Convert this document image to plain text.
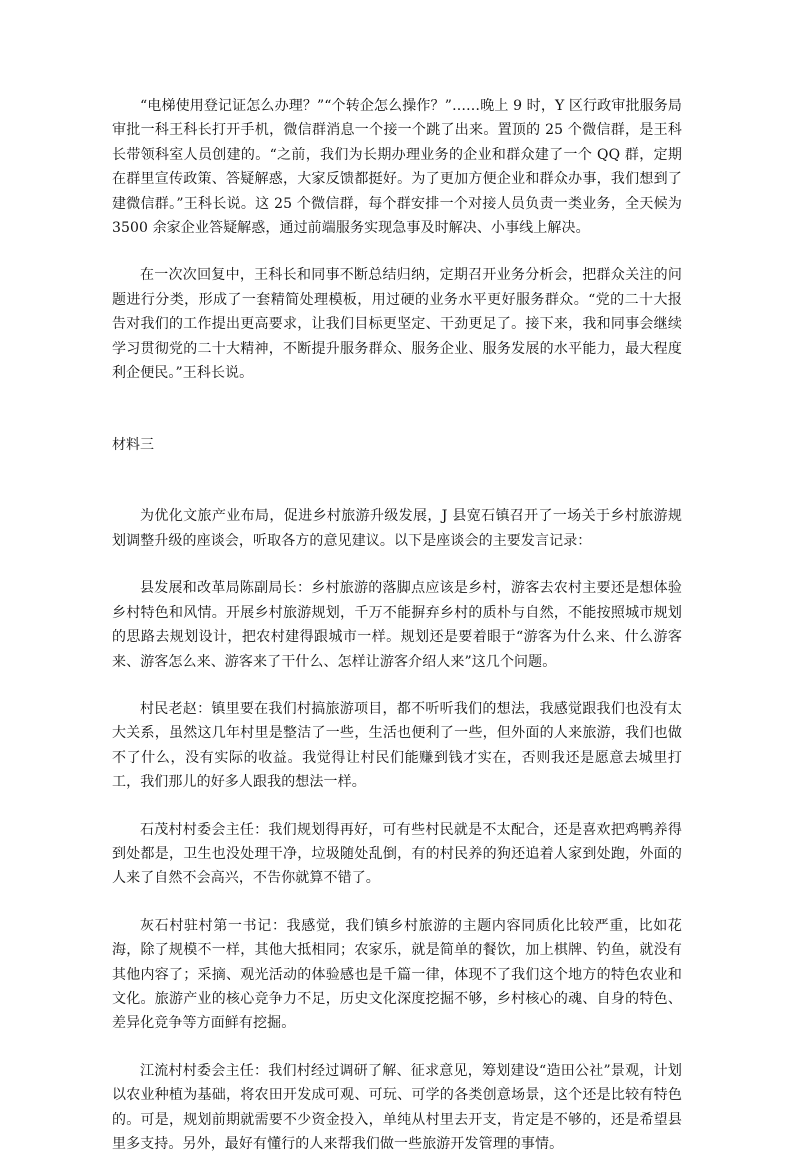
“电梯使用登记证怎么办理？”“个转企怎么操作？”……晚上 9 时，Y 区行政审批服务局审批一科王科长打开手机，微信群消息一个接一个跳了出来。置顶的 25 个微信群，是王科长带领科室人员创建的。“之前，我们为长期办理业务的企业和群众建了一个 QQ 群，定期在群里宣传政策、答疑解惑，大家反馈都挺好。为了更加方便企业和群众办事，我们想到了建微信群。”王科长说。这 25 个微信群，每个群安排一个对接人员负责一类业务，全天候为 3500 余家企业答疑解惑，通过前端服务实现急事及时解决、小事线上解决。

在一次次回复中，王科长和同事不断总结归纳，定期召开业务分析会，把群众关注的问题进行分类，形成了一套精简处理模板，用过硬的业务水平更好服务群众。“党的二十大报告对我们的工作提出更高要求，让我们目标更坚定、干劲更足了。接下来，我和同事会继续学习贯彻党的二十大精神，不断提升服务群众、服务企业、服务发展的水平能力，最大程度利企便民。”王科长说。

材料三

为优化文旅产业布局，促进乡村旅游升级发展，J 县宽石镇召开了一场关于乡村旅游规划调整升级的座谈会，听取各方的意见建议。以下是座谈会的主要发言记录：

县发展和改革局陈副局长：乡村旅游的落脚点应该是乡村，游客去农村主要还是想体验乡村特色和风情。开展乡村旅游规划，千万不能摒弃乡村的质朴与自然，不能按照城市规划的思路去规划设计，把农村建得跟城市一样。规划还是要着眼于“游客为什么来、什么游客来、游客怎么来、游客来了干什么、怎样让游客介绍人来”这几个问题。

村民老赵：镇里要在我们村搞旅游项目，都不听听我们的想法，我感觉跟我们也没有太大关系，虽然这几年村里是整洁了一些，生活也便利了一些，但外面的人来旅游，我们也做不了什么，没有实际的收益。我觉得让村民们能赚到钱才实在，否则我还是愿意去城里打工，我们那儿的好多人跟我的想法一样。

石茂村村委会主任：我们规划得再好，可有些村民就是不太配合，还是喜欢把鸡鸭养得到处都是，卫生也没处理干净，垃圾随处乱倒，有的村民养的狗还追着人家到处跑，外面的人来了自然不会高兴，不告你就算不错了。

灰石村驻村第一书记：我感觉，我们镇乡村旅游的主题内容同质化比较严重，比如花海，除了规模不一样，其他大抵相同；农家乐，就是简单的餐饮，加上棋牌、钓鱼，就没有其他内容了；采摘、观光活动的体验感也是千篇一律，体现不了我们这个地方的特色农业和文化。旅游产业的核心竞争力不足，历史文化深度挖掘不够，乡村核心的魂、自身的特色、差异化竞争等方面鲜有挖掘。

江流村村委会主任：我们村经过调研了解、征求意见，筹划建设“造田公社”景观，计划以农业种植为基础，将农田开发成可观、可玩、可学的各类创意场景，这个还是比较有特色的。可是，规划前期就需要不少资金投入，单纯从村里去开支，肯定是不够的，还是希望县里多支持。另外，最好有懂行的人来帮我们做一些旅游开发管理的事情。
